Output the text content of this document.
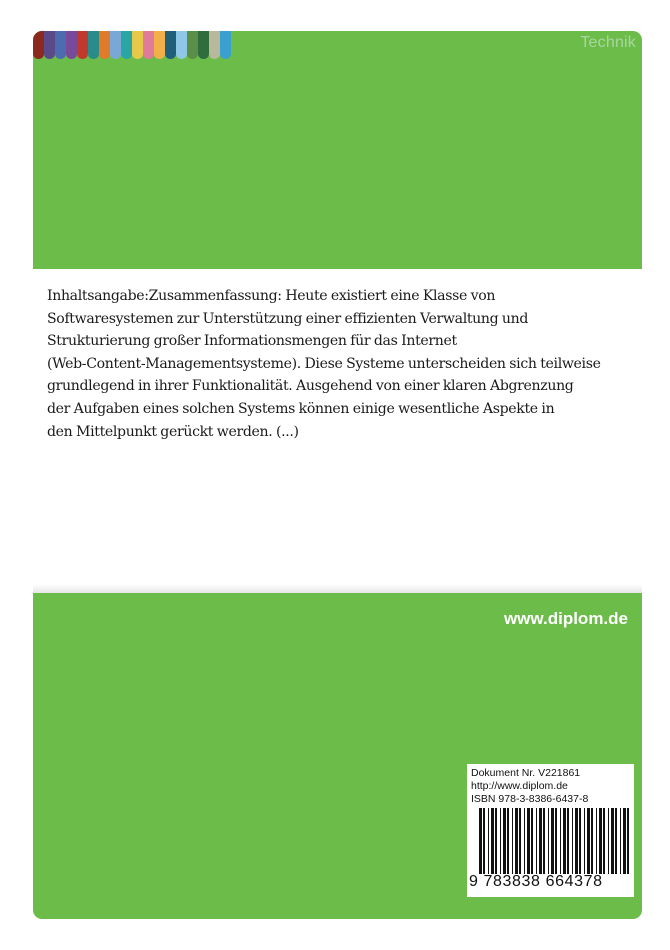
Technik
Inhaltsangabe:Zusammenfassung: Heute existiert eine Klasse von
Softwaresystemen zur Unterstützung einer effizienten Verwaltung und
Strukturierung großer Informationsmengen für das Internet
(Web-Content-Managementsysteme). Diese Systeme unterscheiden sich teilweise
grundlegend in ihrer Funktionalität. Ausgehend von einer klaren Abgrenzung
der Aufgaben eines solchen Systems können einige wesentliche Aspekte in
den Mittelpunkt gerückt werden. (...)
www.diplom.de
Dokument Nr. V221861
http://www.diplom.de
ISBN 978-3-8386-6437-8
9 783838 664378
